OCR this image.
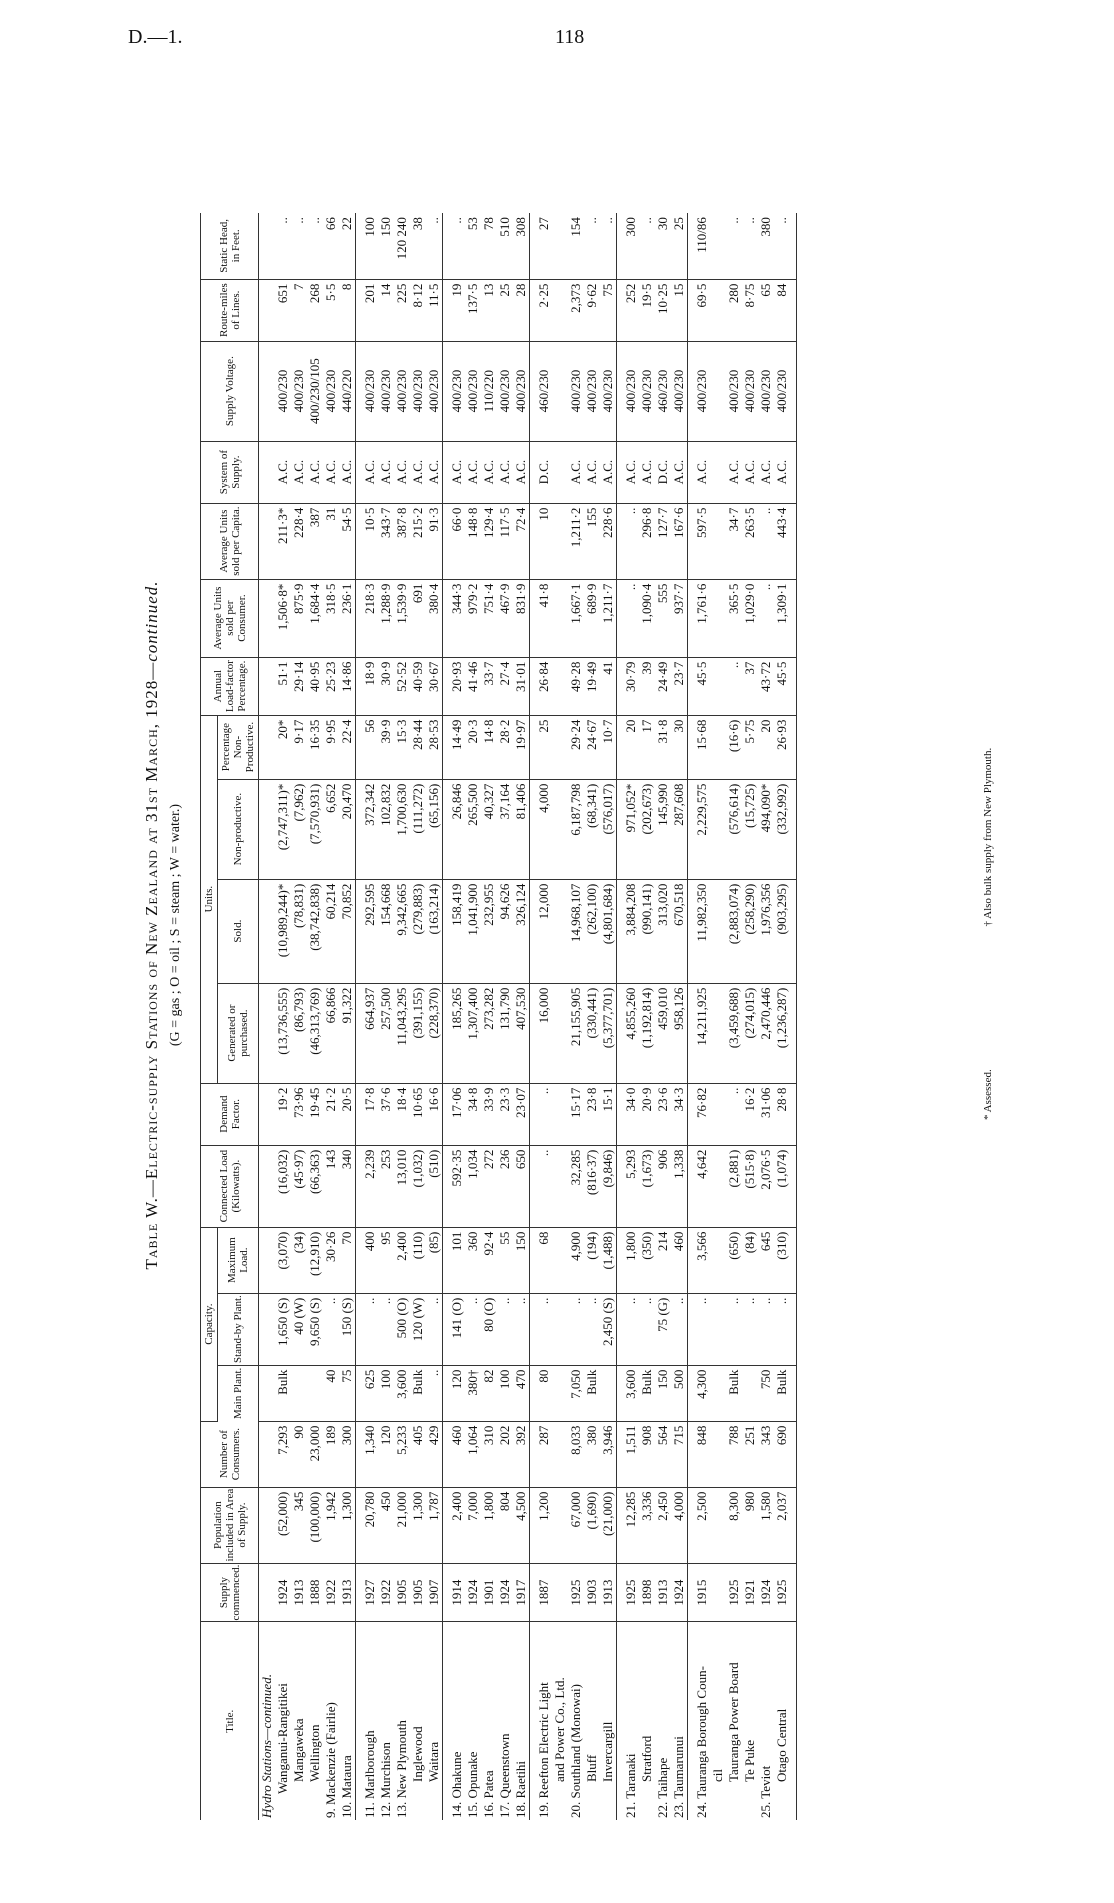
D.—1.	118
Table W.—Electric-supply Stations of New Zealand at 31st March, 1928—continued.
(G = gas ; O = oil ; S = steam ; W = water.)
Title.	Supply commenced.	Population included in Area of Supply.	Number of Consumers.	Capacity.			Connected Load (Kilowatts).	Demand Factor.	Units.				Annual Load-factor Percentage.	Average Units sold per Consumer.	Average Units sold per Capita.	System of Supply.	Supply Voltage.	Route-miles of Lines.	Static Head, in Feet.
				Main Plant.	Stand-by Plant.	Maximum Load.			Generated or purchased.	Sold.	Non-productive.	Percentage Non-Productive.							
Hydro Stations—continued.																			
Wanganui-Rangitikei	1924	(52,000)	7,293	Bulk	1,650 (S)	(3,070)	(16,032)	19·2	(13,736,555)	(10,989,244)*	(2,747,311)*	20*	51·1	1,506·8*	211·3*	A.C.	400/230	651	..
Mangaweka	1913	345	90		40 (W)	(34)	(45·97)	73·96	(86,793)	(78,831)	(7,962)	9·17	29·14	875·9	228·4	A.C.	400/230	7	..
Wellington	1888	(100,000)	23,000		9,650 (S)	(12,910)	(66,363)	19·45	(46,313,769)	(38,742,838)	(7,570,931)	16·35	40·95	1,684·4	387	A.C.	400/230/105	268	..
9. Mackenzie (Fairlie)	1922	1,942	189	40	..	30·26	143	21·2	66,866	60,214	6,652	9·95	25·23	318·5	31	A.C.	400/230	5·5	66
10. Mataura	1913	1,300	300	75	150 (S)	70	340	20·5	91,322	70,852	20,470	22·4	14·86	236·1	54·5	A.C.	440/220	8	22

11. Marlborough	1927	20,780	1,340	625	..	400	2,239	17·8	664,937	292,595	372,342	56	18·9	218·3	10·5	A.C.	400/230	201	100
12. Murchison	1922	450	120	100	..	95	253	37·6	257,500	154,668	102,832	39·9	30·9	1,288·9	343·7	A.C.	400/230	14	150
13. New Plymouth	1905	21,000	5,233	3,600	500 (O)	2,400	13,010	18·4	11,043,295	9,342,665	1,700,630	15·3	52·52	1,539·9	387·8	A.C.	400/230	225	120 240
Inglewood	1905	1,300	405	Bulk	120 (W)	(110)	(1,032)	10·65	(391,155)	(279,883)	(111,272)	28·44	40·59	691	215·2	A.C.	400/230	8·12	38
Waitara	1907	1,787	429	..	..	(85)	(510)	16·6	(228,370)	(163,214)	(65,156)	28·53	30·67	380·4	91·3	A.C.	400/230	11·5	..

14. Ohakune	1914	2,400	460	120	141 (O)	101	592·35	17·06	185,265	158,419	26,846	14·49	20·93	344·3	66·0	A.C.	400/230	19	..
15. Opunake	1924	7,000	1,064	380†	..	360	1,034	34·8	1,307,400	1,041,900	265,500	20·3	41·46	979·2	148·8	A.C.	400/230	137·5	53
16. Patea	1901	1,800	310	82	80 (O)	92·4	272	33·9	273,282	232,955	40,327	14·8	33·7	751·4	129·4	A.C.	110/220	13	78
17. Queenstown	1924	804	202	100	..	55	236	23·3	131,790	94,626	37,164	28·2	27·4	467·9	117·5	A.C.	400/230	25	510
18. Raetihi	1917	4,500	392	470	..	150	650	23·07	407,530	326,124	81,406	19·97	31·01	831·9	72·4	A.C.	400/230	28	308

19. Reefton Electric Light	1887	1,200	287	80	..	68	..	..	16,000	12,000	4,000	25	26·84	41·8	10	D.C.	460/230	2·25	27
and Power Co., Ltd.																			
20. Southland (Monowai)	1925	67,000	8,033	7,050	..	4,900	32,285	15·17	21,155,905	14,968,107	6,187,798	29·24	49·28	1,667·1	1,211·2	A.C.	400/230	2,373	154
Bluff	1903	(1,690)	380	Bulk	..	(194)	(816·37)	23·8	(330,441)	(262,100)	(68,341)	24·67	19·49	689·9	155	A.C.	400/230	9·62	..
Invercargill	1913	(21,000)	3,946		2,450 (S)	(1,488)	(9,846)	15·1	(5,377,701)	(4,801,684)	(576,017)	10·7	41	1,211·7	228·6	A.C.	400/230	75	..

21. Taranaki	1925	12,285	1,511	3,600	..	1,800	5,293	34·0	4,855,260	3,884,208	971,052*	20	30·79	..	..	A.C.	400/230	252	300
Stratford	1898	3,336	908	Bulk	..	(350)	(1,673)	20·9	(1,192,814)	(990,141)	(202,673)	17	39	1,090·4	296·8	A.C.	400/230	19·5	..
22. Taihape	1913	2,450	564	150	75 (G)	214	906	23·6	459,010	313,020	145,990	31·8	24·49	555	127·7	D.C.	460/230	10·25	30
23. Taumarunui	1924	4,000	715	500	..	460	1,338	34·3	958,126	670,518	287,608	30	23·7	937·7	167·6	A.C.	400/230	15	25

24. Tauranga Borough Coun-	1915	2,500	848	4,300	..	3,566	4,642	76·82	14,211,925	11,982,350	2,229,575	15·68	45·5	1,761·6	597·5	A.C.	400/230	69·5	110/86
cil																			
Tauranga Power Board	1925	8,300	788	Bulk	..	(650)	(2,881)	..	(3,459,688)	(2,883,074)	(576,614)	(16·6)	..	365·5	34·7	A.C.	400/230	280	..
Te Puke	1921	980	251		..	(84)	(515·8)	16·2	(274,015)	(258,290)	(15,725)	5·75	37	1,029·0	263·5	A.C.	400/230	8·75	..
25. Teviot	1924	1,580	343	750	..	645	2,076·5	31·06	2,470,446	1,976,356	494,090*	20	43·72	..	..	A.C.	400/230	65	380
Otago Central	1925	2,037	690	Bulk	..	(310)	(1,074)	28·8	(1,236,287)	(903,295)	(332,992)	26·93	45·5	1,309·1	443·4	A.C.	400/230	84	..

* Assessed. † Also bulk supply from New Plymouth.
